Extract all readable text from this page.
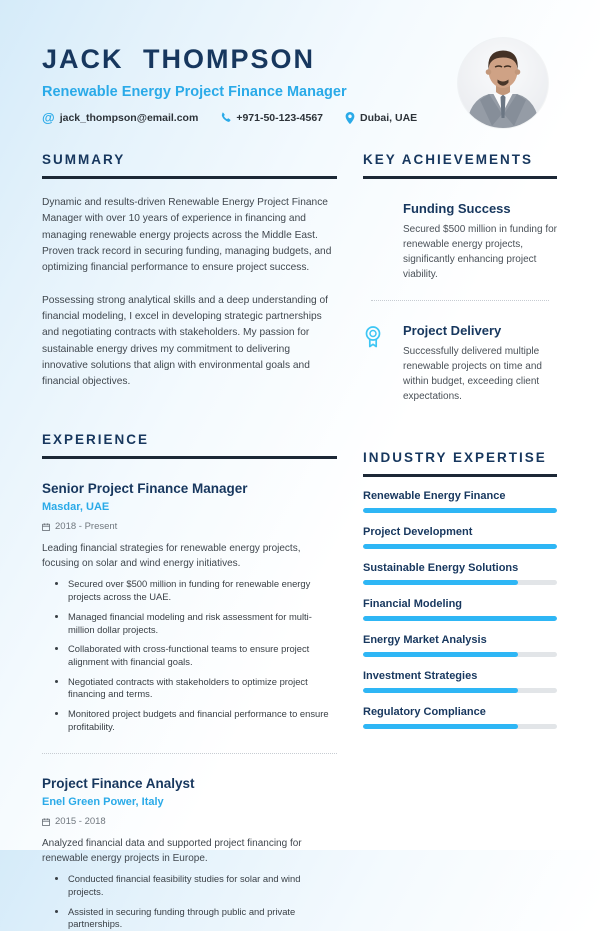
JACK THOMPSON
Renewable Energy Project Finance Manager
@ jack_thompson@email.com	+971-50-123-4567	Dubai, UAE
SUMMARY

Dynamic and results-driven Renewable Energy Project Finance Manager with over 10 years of experience in financing and managing renewable energy projects across the Middle East. Proven track record in securing funding, managing budgets, and optimizing financial performance to ensure project success.

Possessing strong analytical skills and a deep understanding of financial modeling, I excel in developing strategic partnerships and negotiating contracts with stakeholders. My passion for sustainable energy drives my commitment to delivering innovative solutions that align with environmental goals and financial objectives.

EXPERIENCE
Senior Project Finance Manager
Masdar, UAE
2018 - Present
Leading financial strategies for renewable energy projects, focusing on solar and wind energy initiatives.
• Secured over $500 million in funding for renewable energy projects across the UAE.
• Managed financial modeling and risk assessment for multi-million dollar projects.
• Collaborated with cross-functional teams to ensure project alignment with financial goals.
• Negotiated contracts with stakeholders to optimize project financing and terms.
• Monitored project budgets and financial performance to ensure profitability.
Project Finance Analyst
Enel Green Power, Italy
2015 - 2018
Analyzed financial data and supported project financing for renewable energy projects in Europe.
• Conducted financial feasibility studies for solar and wind projects.
• Assisted in securing funding through public and private partnerships.
KEY ACHIEVEMENTS
Funding Success
Secured $500 million in funding for renewable energy projects, significantly enhancing project viability.
Project Delivery
Successfully delivered multiple renewable projects on time and within budget, exceeding client expectations.
INDUSTRY EXPERTISE
Renewable Energy Finance
Project Development
Sustainable Energy Solutions
Financial Modeling
Energy Market Analysis
Investment Strategies
Regulatory Compliance
